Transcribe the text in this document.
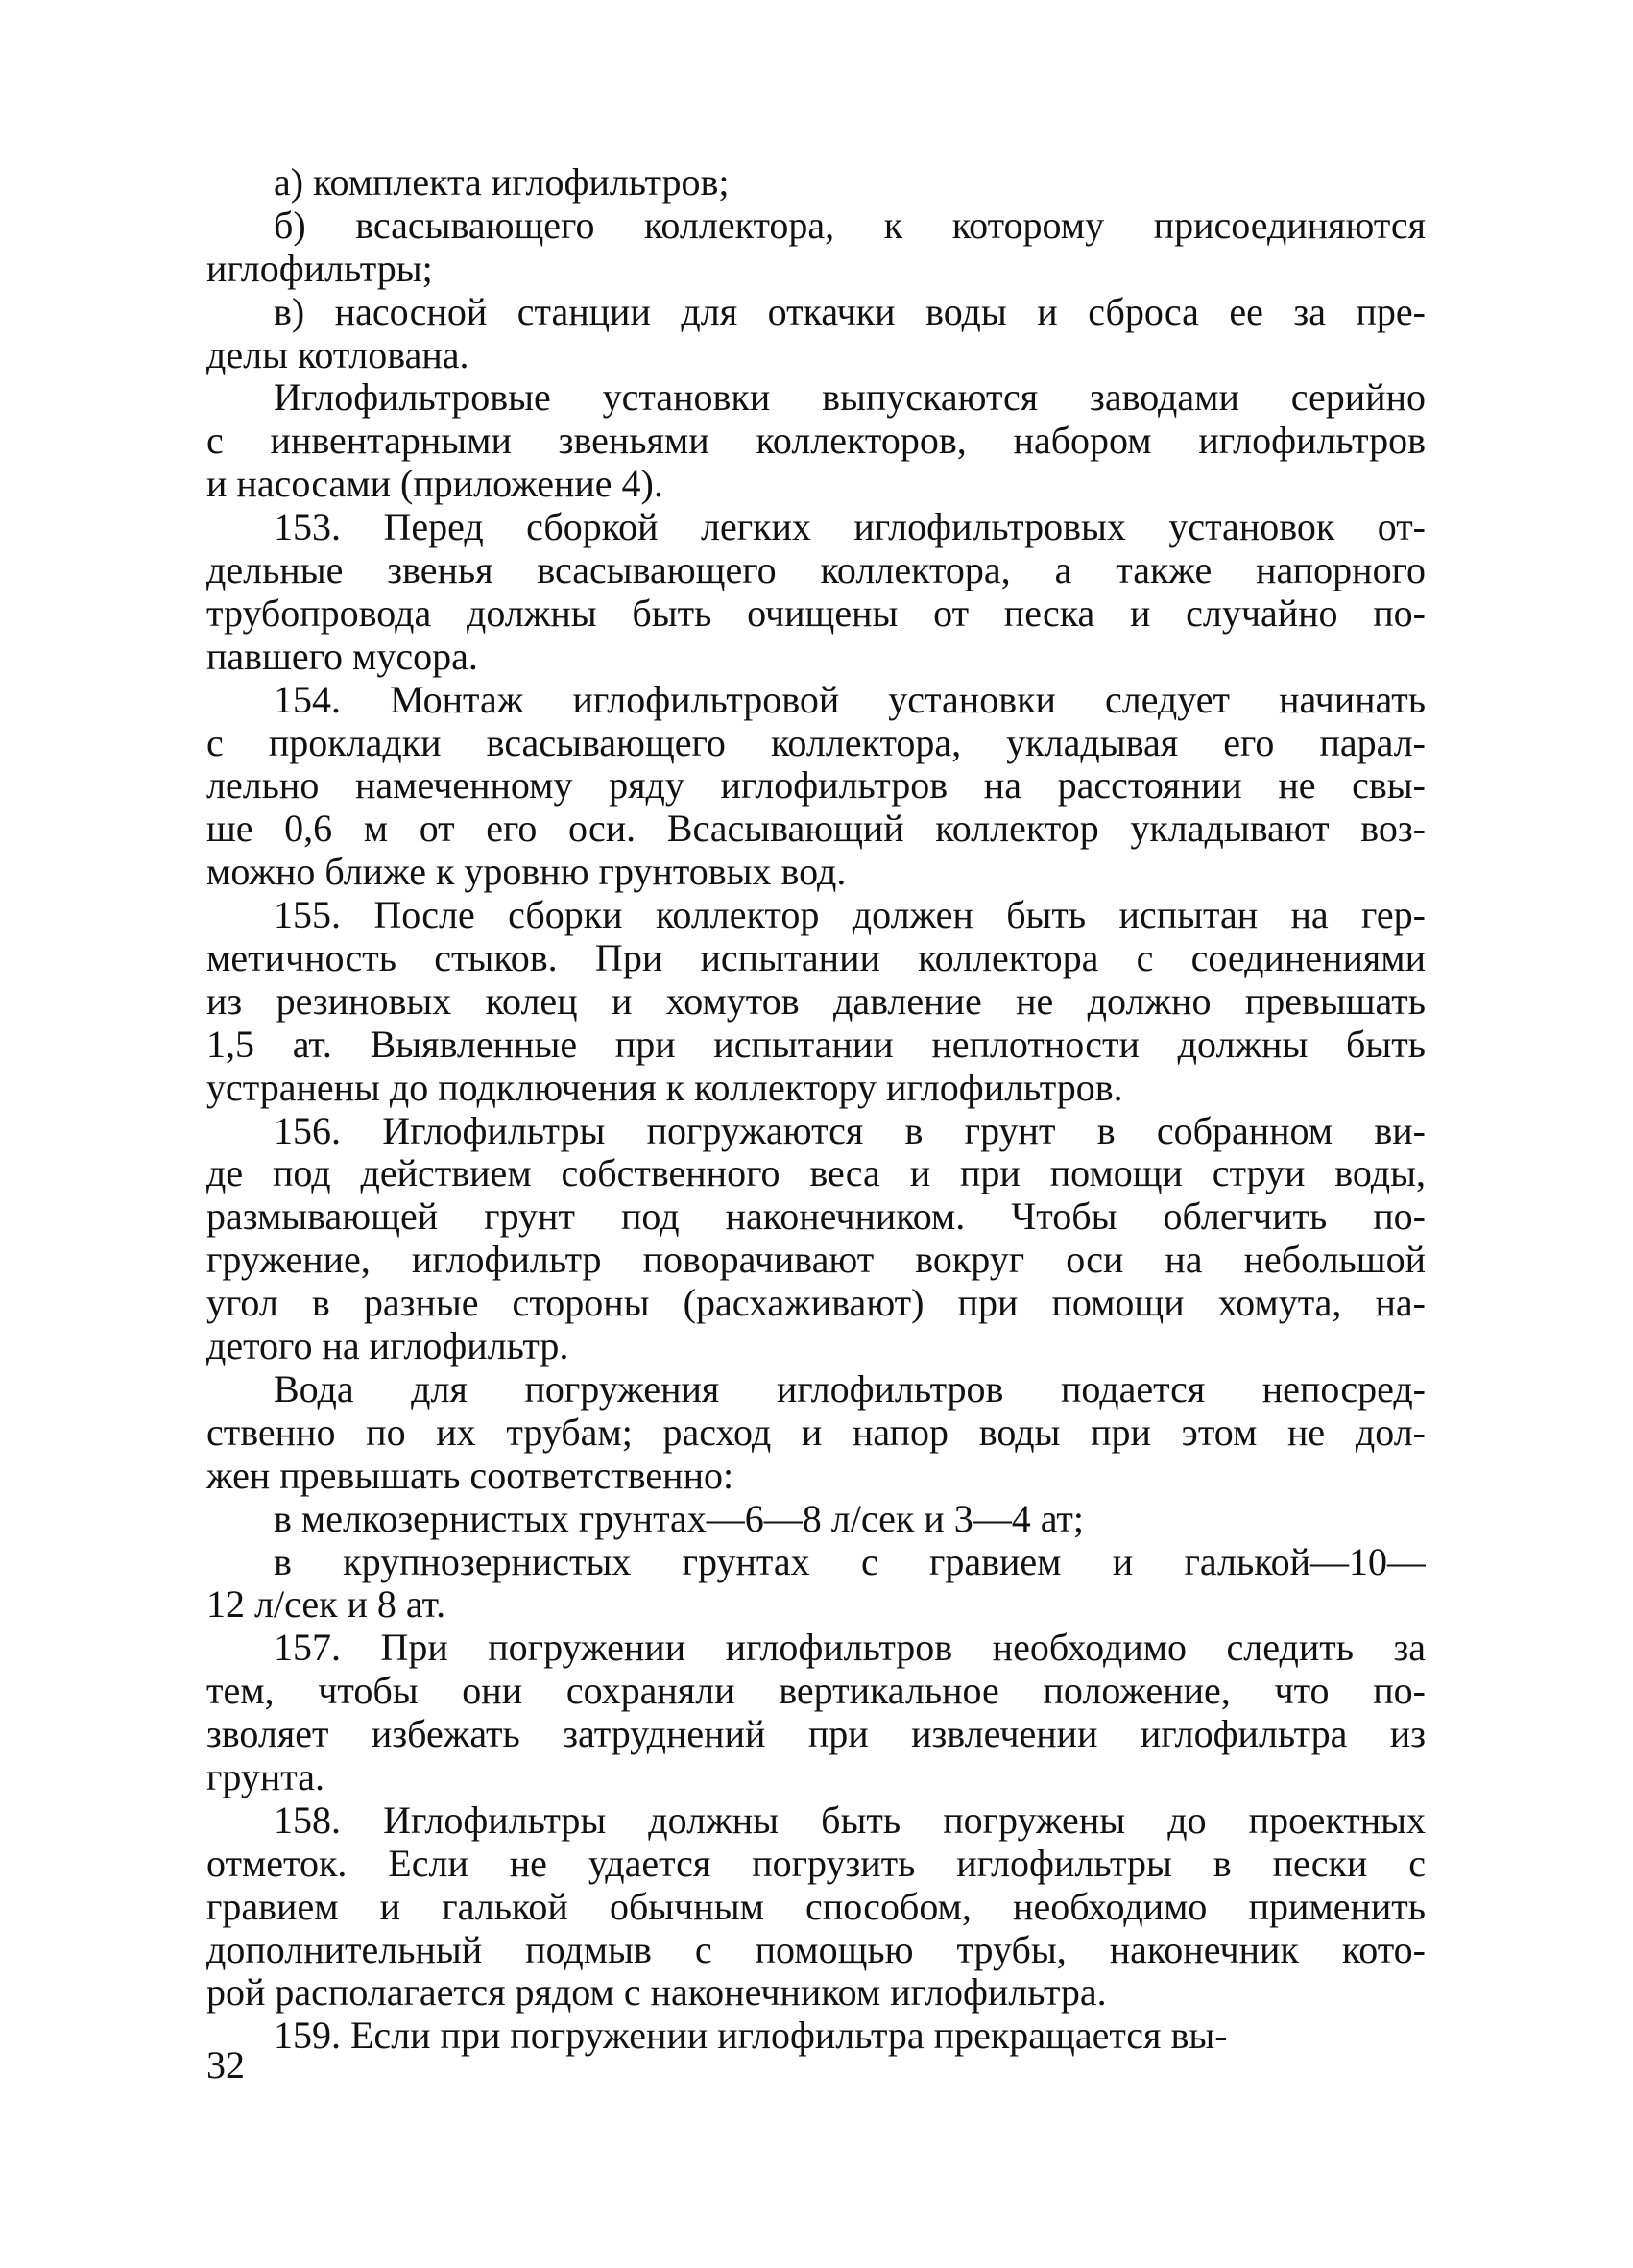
а) комплекта иглофильтров;
б) всасывающего коллектора, к которому присоединяются
иглофильтры;
в) насосной станции для откачки воды и сброса ее за пре-
делы котлована.
Иглофильтровые установки выпускаются заводами серийно
с инвентарными звеньями коллекторов, набором иглофильтров
и насосами (приложение 4).
153. Перед сборкой легких иглофильтровых установок от-
дельные звенья всасывающего коллектора, а также напорного
трубопровода должны быть очищены от песка и случайно по-
павшего мусора.
154. Монтаж иглофильтровой установки следует начинать
с прокладки всасывающего коллектора, укладывая его парал-
лельно намеченному ряду иглофильтров на расстоянии не свы-
ше 0,6 м от его оси. Всасывающий коллектор укладывают воз-
можно ближе к уровню грунтовых вод.
155. После сборки коллектор должен быть испытан на гер-
метичность стыков. При испытании коллектора с соединениями
из резиновых колец и хомутов давление не должно превышать
1,5 ат. Выявленные при испытании неплотности должны быть
устранены до подключения к коллектору иглофильтров.
156. Иглофильтры погружаются в грунт в собранном ви-
де под действием собственного веса и при помощи струи воды,
размывающей грунт под наконечником. Чтобы облегчить по-
гружение, иглофильтр поворачивают вокруг оси на небольшой
угол в разные стороны (расхаживают) при помощи хомута, на-
детого на иглофильтр.
Вода для погружения иглофильтров подается непосред-
ственно по их трубам; расход и напор воды при этом не дол-
жен превышать соответственно:
в мелкозернистых грунтах—6—8 л/сек и 3—4 ат;
в крупнозернистых грунтах с гравием и галькой—10—
12 л/сек и 8 ат.
157. При погружении иглофильтров необходимо следить за
тем, чтобы они сохраняли вертикальное положение, что по-
зволяет избежать затруднений при извлечении иглофильтра из
грунта.
158. Иглофильтры должны быть погружены до проектных
отметок. Если не удается погрузить иглофильтры в пески с
гравием и галькой обычным способом, необходимо применить
дополнительный подмыв с помощью трубы, наконечник кото-
рой располагается рядом с наконечником иглофильтра.
159. Если при погружении иглофильтра прекращается вы-
32
